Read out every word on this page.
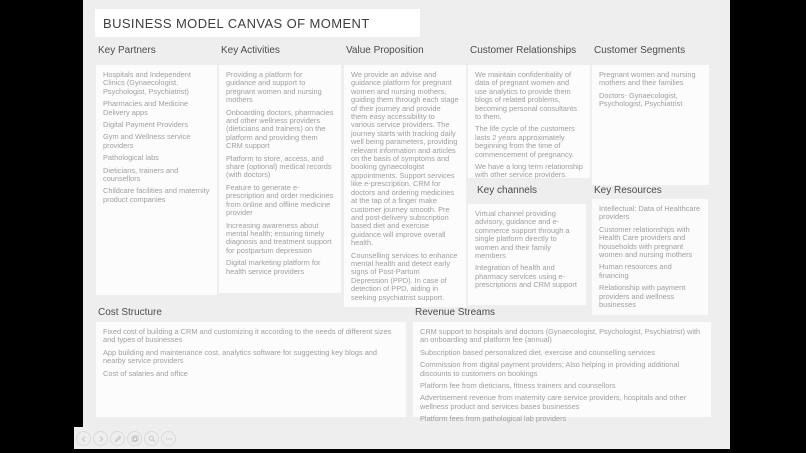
BUSINESS MODEL CANVAS OF MOMENT
Key Partners

Hospitals and Independent Clinics (Gynaecologist, Psychologist, Psychiatrist)

Pharmacies and Medicine Delivery apps

Digital Payment Providers

Gym and Wellness service providers

Pathological labs

Dieticians, trainers and counsellors

Childcare facilities and maternity product companies

Key Activities

Providing a platform for guidance and support to pregnant women and nursing mothers

Onboarding doctors, pharmacies and other wellness providers (dieticians and trainers) on the platform and providing them CRM support

Platform to store, access, and share (optional) medical records (with doctors)

Feature to generate e-prescription and order medicines from online and offline medicine provider

Increasing awareness about mental health; ensuring timely diagnosis and treatment support for postpartum depression

Digital marketing platform for health service providers

Value Proposition

We provide an advise and guidance platform for pregnant women and nursing mothers, guiding them through each stage of their journey and provide them easy accessibility to various service providers. The journey starts with tracking daily well being parameters, providing relevant information and articles on the basis of symptoms and booking gynaecologist appointments. Support services like e-prescription, CRM for doctors and ordering medicines at the tap of a finger make customer journey smooth. Pre and post-delivery subscription based diet and exercise guidance will improve overall health.

Counselling services to enhance mental health and detect early signs of Post-Partum Depression (PPD). In case of detection of PPD, aiding in seeking psychiatrist support.

Customer Relationships

We maintain confidentiality of data of pregnant women and use analytics to provide them blogs of related problems, becoming personal consultants to them.

The life cycle of the customers lasts 2 years approximately beginning from the time of commencement of pregnancy.

We have a long term relationship with other service providers.

Customer Segments

Pregnant women and nursing mothers and their families

Doctors- Gynaecologist, Psychologist, Psychiatrist

Key channels

Virtual channel providing advisory, guidance and e-commerce support through a single platform directly to women and their family members

Integration of health and pharmacy services using e-prescriptions and CRM support

Key Resources

Intellectual: Data of Healthcare providers

Customer relationships with Health Care providers and households with pregnant women and nursing mothers

Human resources and financing

Relationship with payment providers and wellness businesses

Cost Structure

Fixed cost of building a CRM and customizing it according to the needs of different sizes and types of businesses

App building and maintenance cost, analytics software for suggesting key blogs and nearby service providers

Cost of salaries and office

Revenue Streams

CRM support to hospitals and doctors (Gynaecologist, Psychologist, Psychiatrist) with an onboarding and platform fee (annual)

Subscription based personalized diet, exercise and counselling services

Commission from digital payment providers; Also helping in providing additional discounts to customers on bookings

Platform fee from dieticians, fitness trainers and counsellors

Advertisement revenue from maternity care service providers, hospitals and other wellness product and services bases businesses

Platform fees from pathological lab providers
